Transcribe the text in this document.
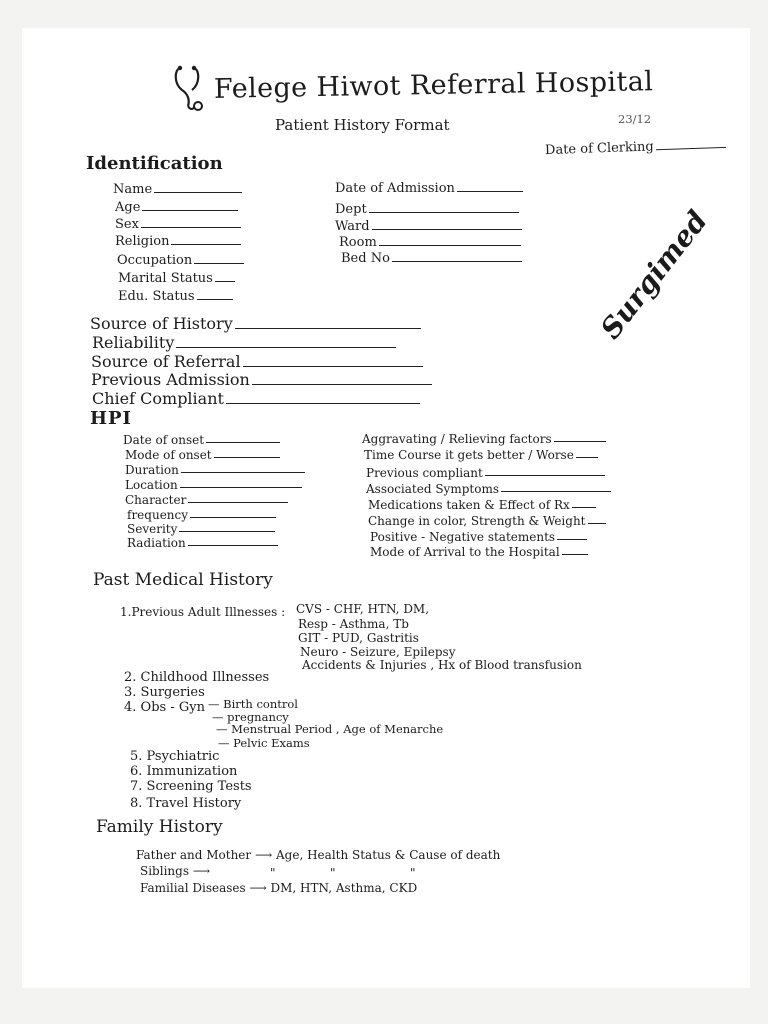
Felege Hiwot Referral Hospital
Patient History Format	23/12
Date of Clerking
Surgimed
Identification
Name
Age
Sex
Religion
Occupation
Marital Status
Edu. Status
Date of Admission
Dept
Ward
Room
Bed No
Source of History
Reliability
Source of Referral
Previous Admission
Chief Compliant
HPI
Date of onset
Mode of onset
Duration
Location
Character
frequency
Severity
Radiation
Aggravating / Relieving factors
Time Course it gets better / Worse
Previous compliant
Associated Symptoms
Medications taken & Effect of Rx
Change in color, Strength & Weight
Positive - Negative statements
Mode of Arrival to the Hospital
Past Medical History
1.Previous Adult Illnesses : CVS - CHF, HTN, DM,
Resp - Asthma, Tb
GIT - PUD, Gastritis
Neuro - Seizure, Epilepsy
Accidents & Injuries , Hx of Blood transfusion
2. Childhood Illnesses
3. Surgeries
4. Obs - Gyn — Birth control
— pregnancy
— Menstrual Period , Age of Menarche
— Pelvic Exams
5. Psychiatric
6. Immunization
7. Screening Tests
8. Travel History
Family History
Father and Mother ⟶ Age, Health Status & Cause of death
Siblings ⟶	"	"	"
Familial Diseases ⟶ DM, HTN, Asthma, CKD
